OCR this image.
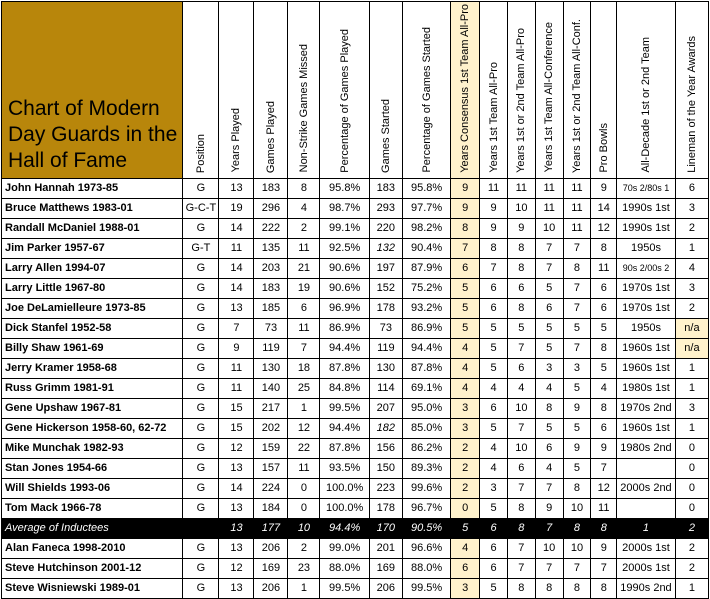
Chart of Modern Day Guards in the Hall of Fame	Position	Years Played	Games Played	Non-Strike Games Missed	Percentage of Games Played	Games Started	Percentage of Games Started	Years Consensus 1st Team All-Pro	Years 1st Team All-Pro	Years 1st or 2nd Team All-Pro	Years 1st Team All-Conference	Years 1st or 2nd Team All-Conf.	Pro Bowls	All-Decade 1st or 2nd Team	Lineman of the Year Awards
John Hannah 1973-85	G	13	183	8	95.8%	183	95.8%	9	11	11	11	11	9	70s 2/80s 1	6
Bruce Matthews 1983-01	G-C-T	19	296	4	98.7%	293	97.7%	9	9	10	11	11	14	1990s 1st	3
Randall McDaniel 1988-01	G	14	222	2	99.1%	220	98.2%	8	9	9	10	11	12	1990s 1st	2
Jim Parker 1957-67	G-T	11	135	11	92.5%	132	90.4%	7	8	8	7	7	8	1950s	1
Larry Allen 1994-07	G	14	203	21	90.6%	197	87.9%	6	7	8	7	8	11	90s 2/00s 2	4
Larry Little 1967-80	G	14	183	19	90.6%	152	75.2%	5	6	6	5	7	6	1970s 1st	3
Joe DeLamielleure 1973-85	G	13	185	6	96.9%	178	93.2%	5	6	8	6	7	6	1970s 1st	2
Dick Stanfel 1952-58	G	7	73	11	86.9%	73	86.9%	5	5	5	5	5	5	1950s	n/a
Billy Shaw 1961-69	G	9	119	7	94.4%	119	94.4%	4	5	7	5	7	8	1960s 1st	n/a
Jerry Kramer 1958-68	G	11	130	18	87.8%	130	87.8%	4	5	6	3	3	5	1960s 1st	1
Russ Grimm 1981-91	G	11	140	25	84.8%	114	69.1%	4	4	4	4	5	4	1980s 1st	1
Gene Upshaw 1967-81	G	15	217	1	99.5%	207	95.0%	3	6	10	8	9	8	1970s 2nd	3
Gene Hickerson 1958-60, 62-72	G	15	202	12	94.4%	182	85.0%	3	5	7	5	5	6	1960s 1st	1
Mike Munchak 1982-93	G	12	159	22	87.8%	156	86.2%	2	4	10	6	9	9	1980s 2nd	0
Stan Jones 1954-66	G	13	157	11	93.5%	150	89.3%	2	4	6	4	5	7		0
Will Shields 1993-06	G	14	224	0	100.0%	223	99.6%	2	3	7	7	8	12	2000s 2nd	0
Tom Mack 1966-78	G	13	184	0	100.0%	178	96.7%	0	5	8	9	10	11		0
Average of Inductees		13	177	10	94.4%	170	90.5%	5	6	8	7	8	8	1	2
Alan Faneca 1998-2010	G	13	206	2	99.0%	201	96.6%	4	6	7	10	10	9	2000s 1st	2
Steve Hutchinson 2001-12	G	12	169	23	88.0%	169	88.0%	6	6	7	7	7	7	2000s 1st	2
Steve Wisniewski 1989-01	G	13	206	1	99.5%	206	99.5%	3	5	8	8	8	8	1990s 2nd	1
